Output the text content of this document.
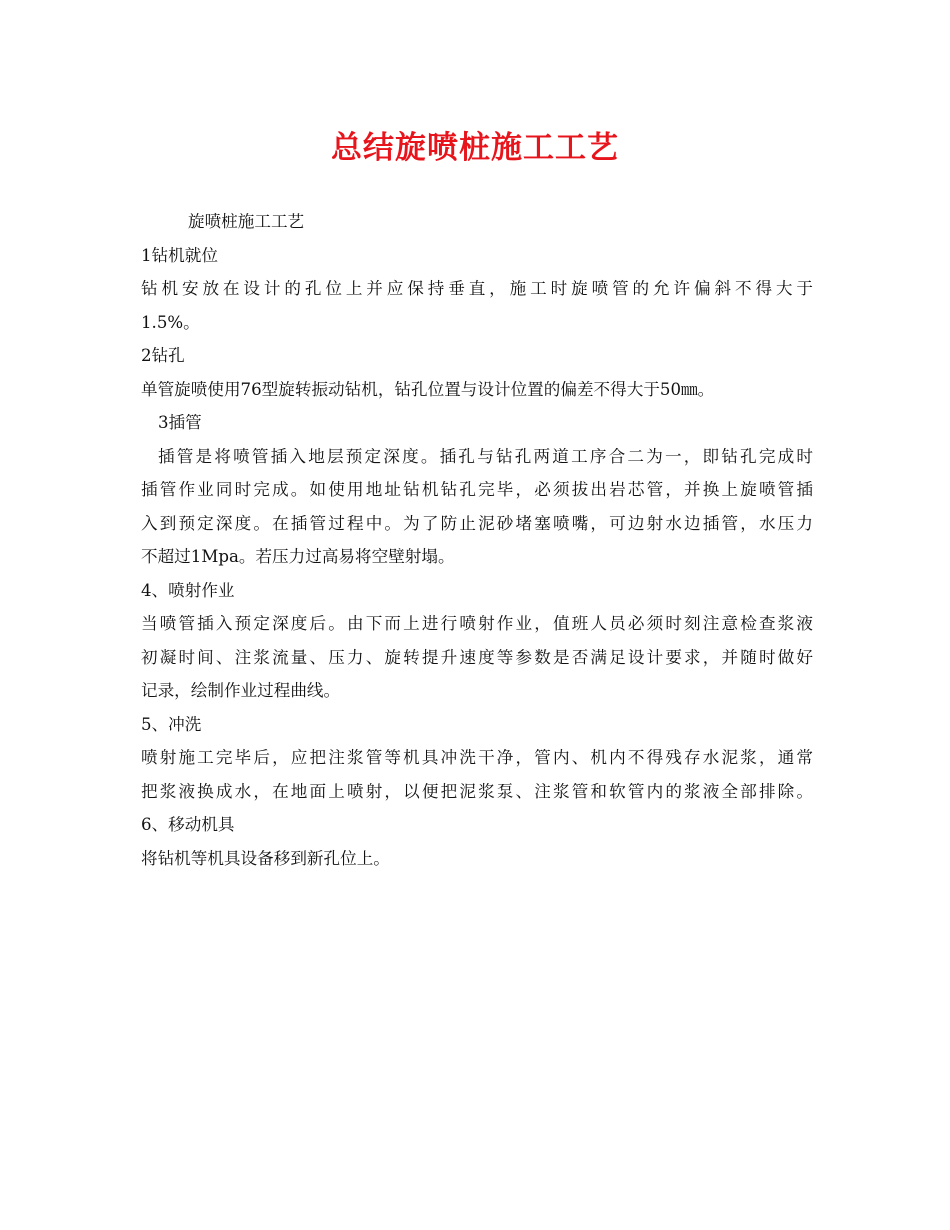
总结旋喷桩施工工艺

旋喷桩施工工艺

1钻机就位

钻机安放在设计的孔位上并应保持垂直，施工时旋喷管的允许偏斜不得大于

1.5%。

2钻孔

单管旋喷使用76型旋转振动钻机，钻孔位置与设计位置的偏差不得大于50㎜。

3插管

插管是将喷管插入地层预定深度。插孔与钻孔两道工序合二为一，即钻孔完成时

插管作业同时完成。如使用地址钻机钻孔完毕，必须拔出岩芯管，并换上旋喷管插

入到预定深度。在插管过程中。为了防止泥砂堵塞喷嘴，可边射水边插管，水压力

不超过1Mpa。若压力过高易将空壁射塌。

4、喷射作业

当喷管插入预定深度后。由下而上进行喷射作业，值班人员必须时刻注意检查浆液

初凝时间、注浆流量、压力、旋转提升速度等参数是否满足设计要求，并随时做好

记录，绘制作业过程曲线。

5、冲洗

喷射施工完毕后，应把注浆管等机具冲洗干净，管内、机内不得残存水泥浆，通常

把浆液换成水，在地面上喷射，以便把泥浆泵、注浆管和软管内的浆液全部排除。

6、移动机具

将钻机等机具设备移到新孔位上。
